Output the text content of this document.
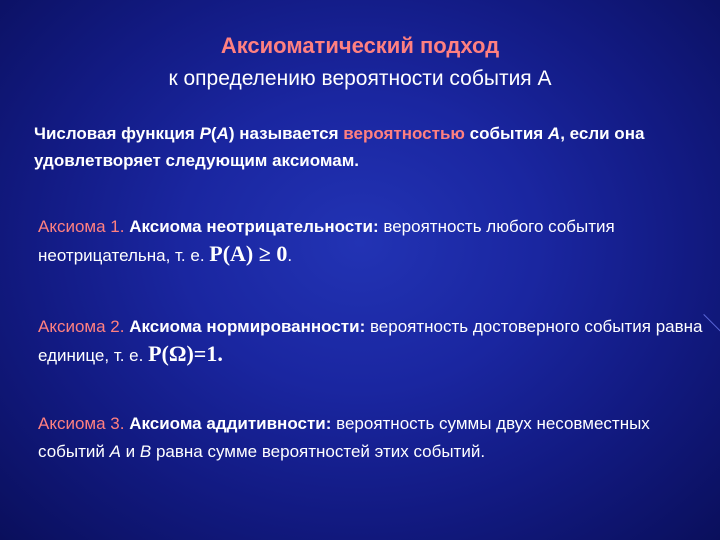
Аксиоматический подход
к определению вероятности события А
Числовая функция Р(А) называется вероятностью события А, если она удовлетворяет следующим аксиомам.
Аксиома 1. Аксиома неотрицательности: вероятность любого события неотрицательна, т. е. P(A) ≥ 0.
Аксиома 2. Аксиома нормированности: вероятность достоверного события равна единице, т. е. P(Ω)=1.
Аксиома 3. Аксиома аддитивности: вероятность суммы двух несовместных событий А и В равна сумме вероятностей этих событий.
